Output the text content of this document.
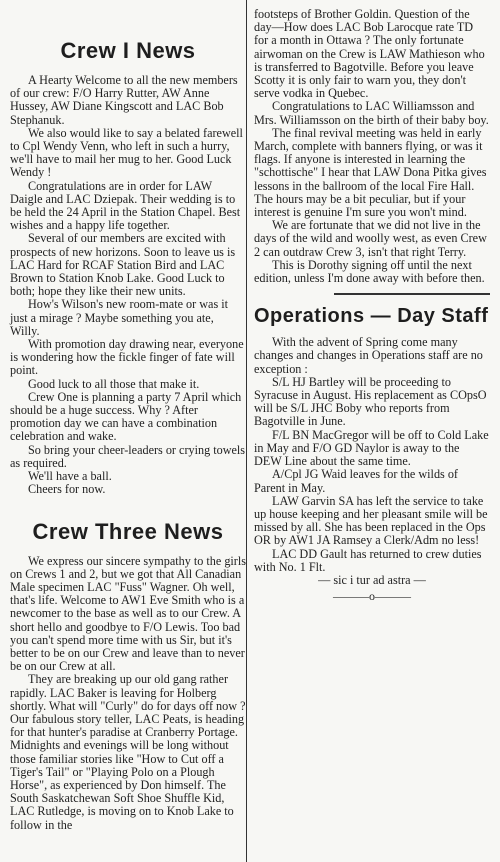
Crew I News

A Hearty Welcome to all the new members of our crew: F/O Harry Rutter, AW Anne Hussey, AW Diane Kingscott and LAC Bob Stephanuk.

We also would like to say a belated farewell to Cpl Wendy Venn, who left in such a hurry, we'll have to mail her mug to her. Good Luck Wendy !

Congratulations are in order for LAW Daigle and LAC Dziepak. Their wedding is to be held the 24 April in the Station Chapel. Best wishes and a happy life together.

Several of our members are excited with prospects of new horizons. Soon to leave us is LAC Hard for RCAF Station Bird and LAC Brown to Station Knob Lake. Good Luck to both; hope they like their new units.

How's Wilson's new room-mate or was it just a mirage ? Maybe something you ate, Willy.

With promotion day drawing near, everyone is wondering how the fickle finger of fate will point.

Good luck to all those that make it.

Crew One is planning a party 7 April which should be a huge success. Why ? After promotion day we can have a combination celebration and wake.

So bring your cheer-leaders or crying towels as required.

We'll have a ball.

Cheers for now.

Crew Three News

We express our sincere sympathy to the girls on Crews 1 and 2, but we got that All Canadian Male specimen LAC "Fuss" Wagner. Oh well, that's life. Welcome to AW1 Eve Smith who is a newcomer to the base as well as to our Crew. A short hello and goodbye to F/O Lewis. Too bad you can't spend more time with us Sir, but it's better to be on our Crew and leave than to never be on our Crew at all.

They are breaking up our old gang rather rapidly. LAC Baker is leaving for Holberg shortly. What will "Curly" do for days off now ? Our fabulous story teller, LAC Peats, is heading for that hunter's paradise at Cranberry Portage. Midnights and evenings will be long without those familiar stories like "How to Cut off a Tiger's Tail" or "Playing Polo on a Plough Horse", as experienced by Don himself. The South Saskatchewan Soft Shoe Shuffle Kid, LAC Rutledge, is moving on to Knob Lake to follow in the

footsteps of Brother Goldin. Question of the day—How does LAC Bob Larocque rate TD for a month in Ottawa ? The only fortunate airwoman on the Crew is LAW Mathieson who is transferred to Bagotville. Before you leave Scotty it is only fair to warn you, they don't serve vodka in Quebec.

Congratulations to LAC Williamsson and Mrs. Williamsson on the birth of their baby boy.

The final revival meeting was held in early March, complete with banners flying, or was it flags. If anyone is interested in learning the "schottische" I hear that LAW Dona Pitka gives lessons in the ballroom of the local Fire Hall. The hours may be a bit peculiar, but if your interest is genuine I'm sure you won't mind.

We are fortunate that we did not live in the days of the wild and woolly west, as even Crew 2 can outdraw Crew 3, isn't that right Terry.

This is Dorothy signing off until the next edition, unless I'm done away with before then.

Operations — Day Staff

With the advent of Spring come many changes and changes in Operations staff are no exception :

S/L HJ Bartley will be proceeding to Syracuse in August. His replacement as COpsO will be S/L JHC Boby who reports from Bagotville in June.

F/L BN MacGregor will be off to Cold Lake in May and F/O GD Naylor is away to the DEW Line about the same time.

A/Cpl JG Waid leaves for the wilds of Parent in May.

LAW Garvin SA has left the service to take up house keeping and her pleasant smile will be missed by all. She has been replaced in the Ops OR by AW1 JA Ramsey a Clerk/Adm no less!

LAC DD Gault has returned to crew duties with No. 1 Flt.

— sic i tur ad astra —

———o———
